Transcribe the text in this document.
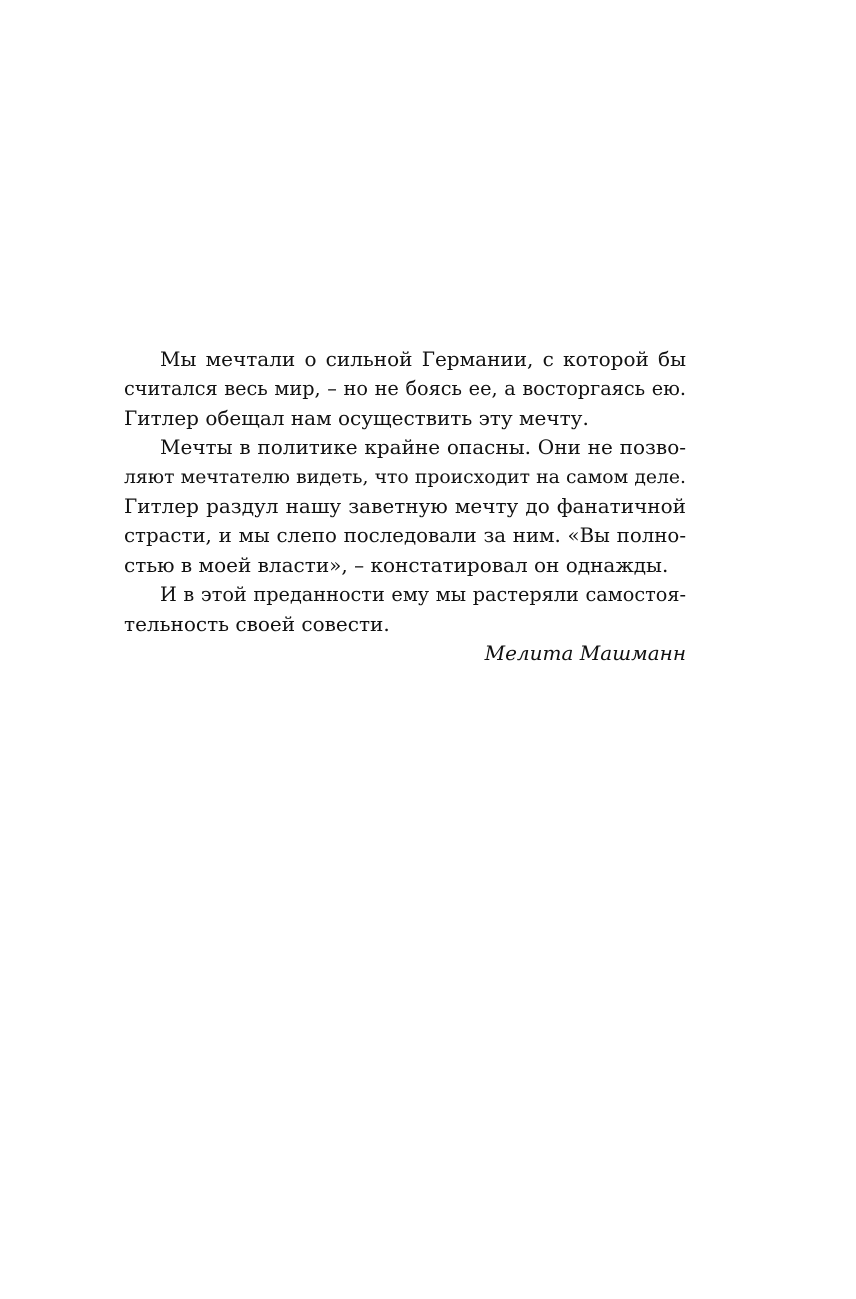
Мы мечтали о сильной Германии, с которой бы
считался весь мир, – но не боясь ее, а восторгаясь ею.
Гитлер обещал нам осуществить эту мечту.
Мечты в политике крайне опасны. Они не позво-
ляют мечтателю видеть, что происходит на самом деле.
Гитлер раздул нашу заветную мечту до фанатичной
страсти, и мы слепо последовали за ним. «Вы полно-
стью в моей власти», – констатировал он однажды.
И в этой преданности ему мы растеряли самостоя-
тельность своей совести.
Мелита Машманн
